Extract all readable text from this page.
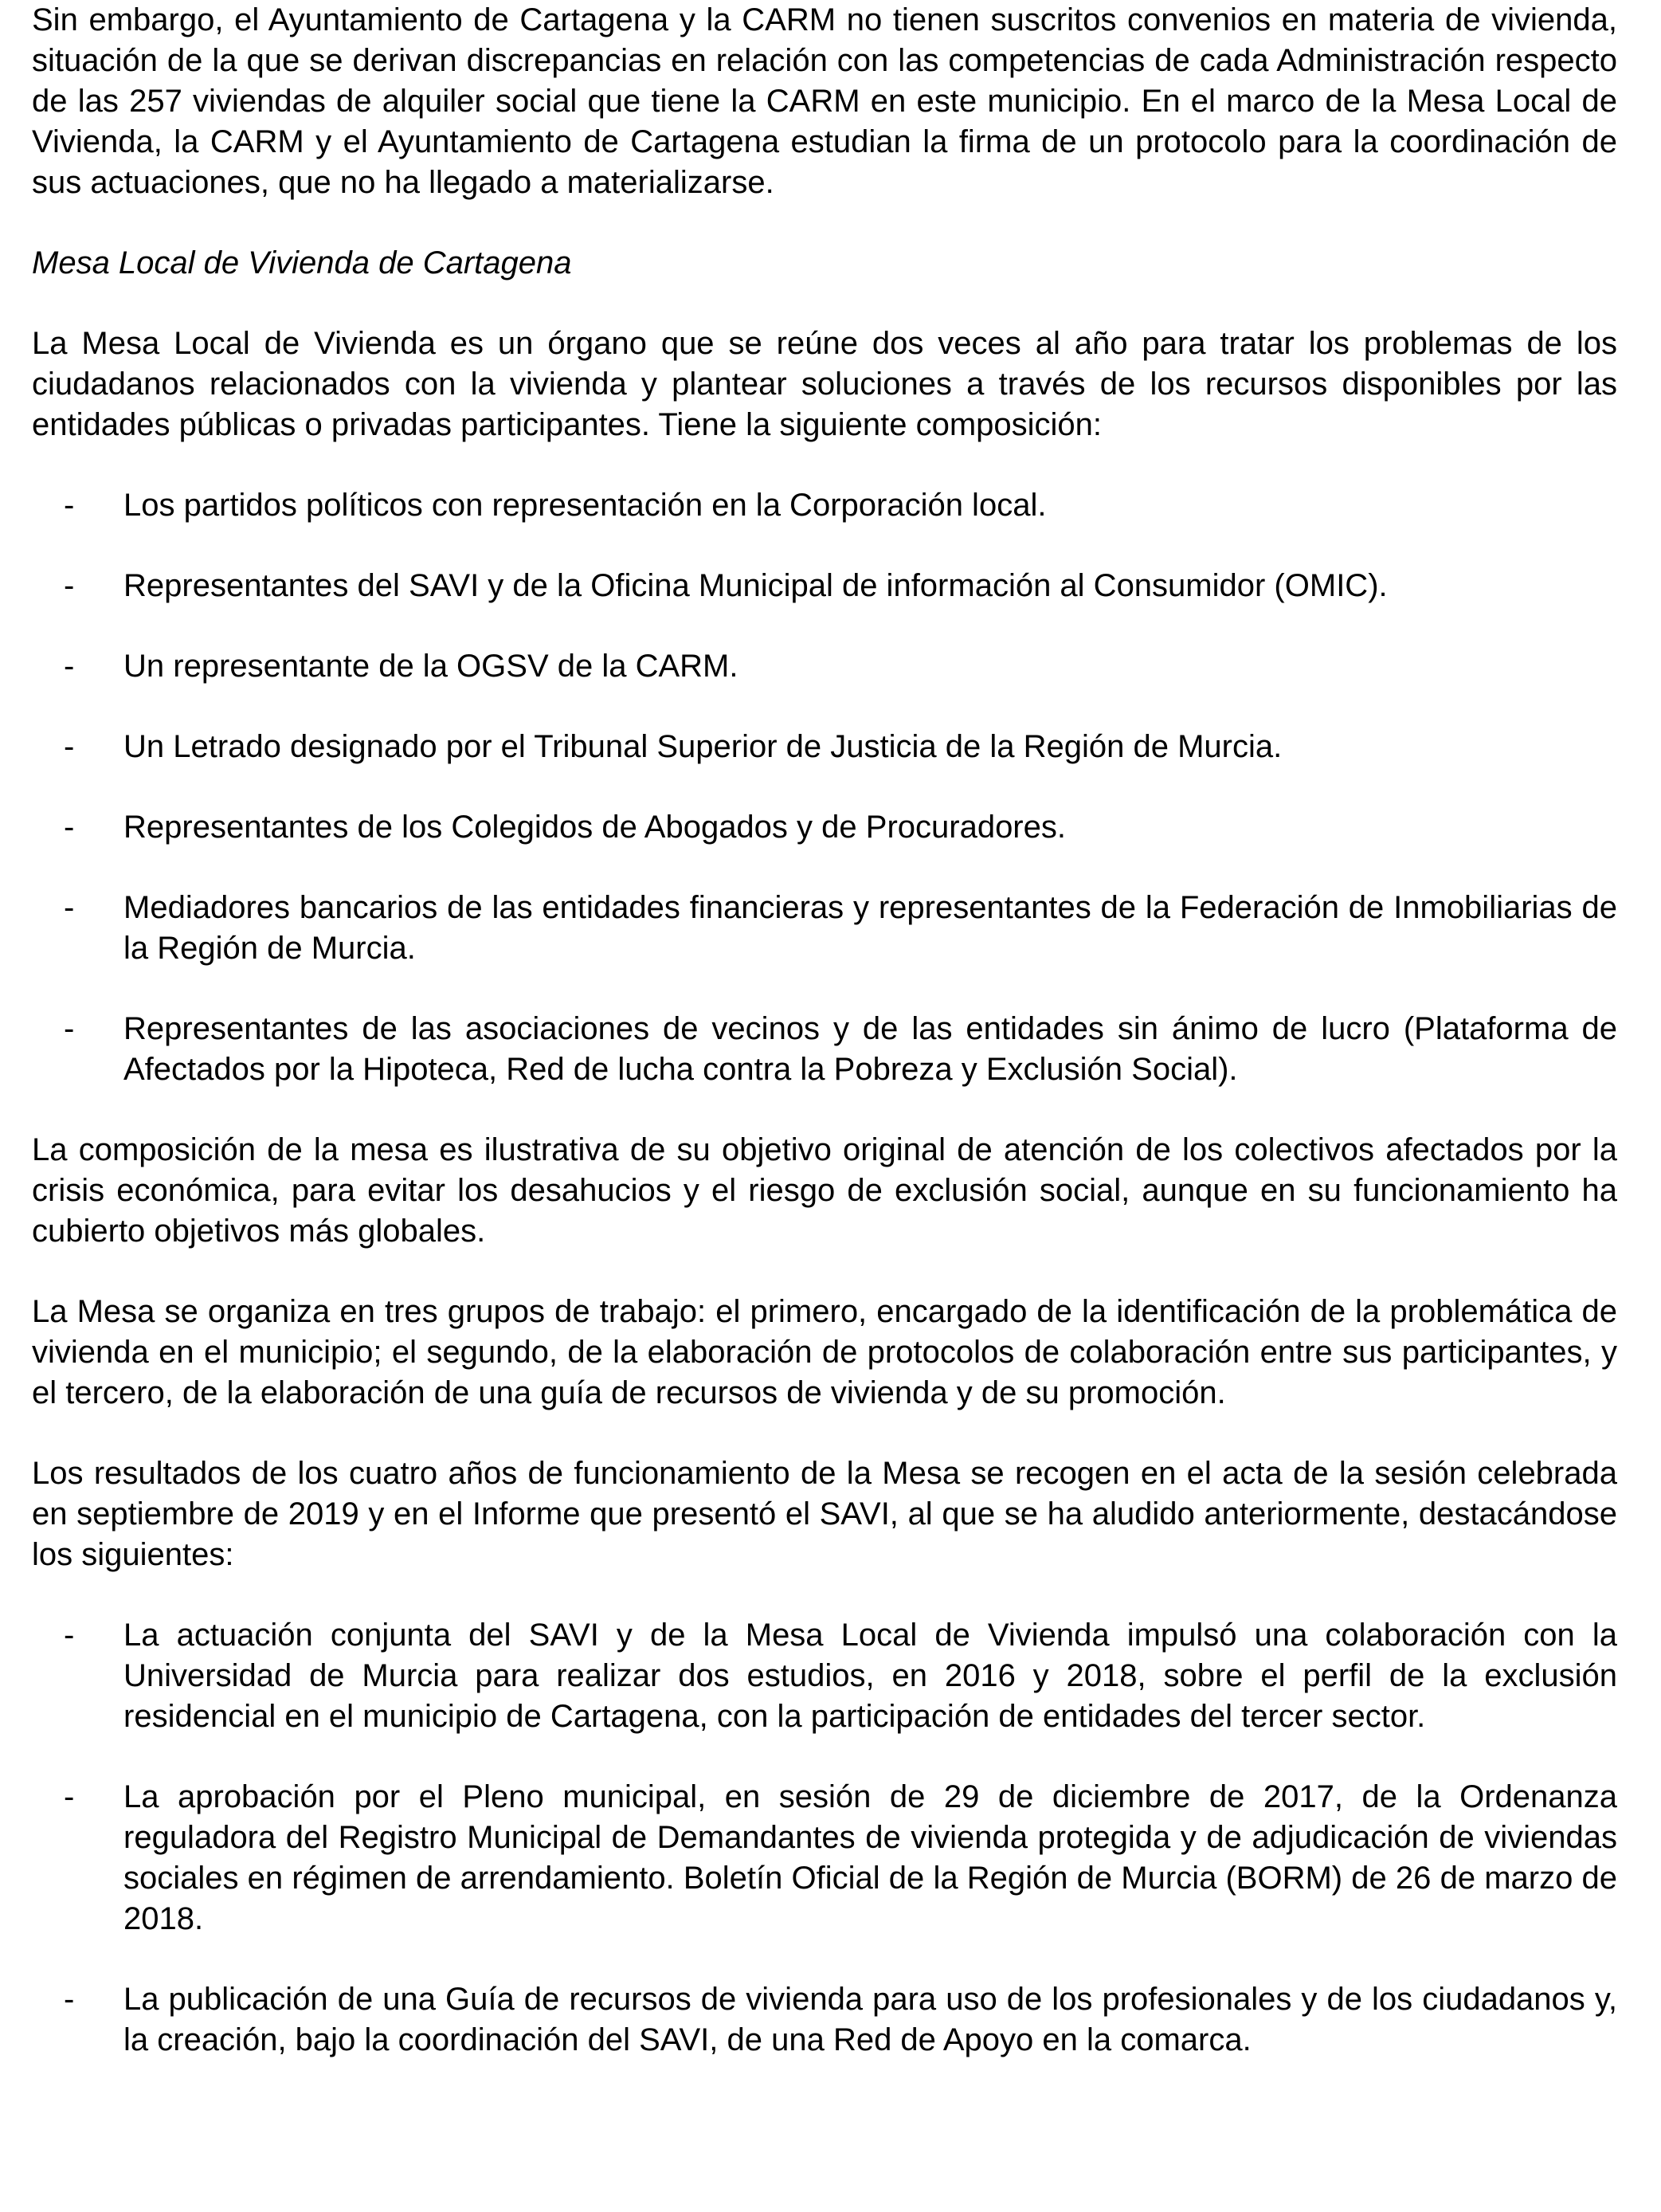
Sin embargo, el Ayuntamiento de Cartagena y la CARM no tienen suscritos convenios en materia de vivienda, situación de la que se derivan discrepancias en relación con las competencias de cada Administración respecto de las 257 viviendas de alquiler social que tiene la CARM en este municipio. En el marco de la Mesa Local de Vivienda, la CARM y el Ayuntamiento de Cartagena estudian la firma de un protocolo para la coordinación de sus actuaciones, que no ha llegado a materializarse.

Mesa Local de Vivienda de Cartagena

La Mesa Local de Vivienda es un órgano que se reúne dos veces al año para tratar los problemas de los ciudadanos relacionados con la vivienda y plantear soluciones a través de los recursos disponibles por las entidades públicas o privadas participantes. Tiene la siguiente composición:

- Los partidos políticos con representación en la Corporación local.
- Representantes del SAVI y de la Oficina Municipal de información al Consumidor (OMIC).
- Un representante de la OGSV de la CARM.
- Un Letrado designado por el Tribunal Superior de Justicia de la Región de Murcia.
- Representantes de los Colegidos de Abogados y de Procuradores.
- Mediadores bancarios de las entidades financieras y representantes de la Federación de Inmobiliarias de la Región de Murcia.
- Representantes de las asociaciones de vecinos y de las entidades sin ánimo de lucro (Plataforma de Afectados por la Hipoteca, Red de lucha contra la Pobreza y Exclusión Social).

La composición de la mesa es ilustrativa de su objetivo original de atención de los colectivos afectados por la crisis económica, para evitar los desahucios y el riesgo de exclusión social, aunque en su funcionamiento ha cubierto objetivos más globales.

La Mesa se organiza en tres grupos de trabajo: el primero, encargado de la identificación de la problemática de vivienda en el municipio; el segundo, de la elaboración de protocolos de colaboración entre sus participantes, y el tercero, de la elaboración de una guía de recursos de vivienda y de su promoción.

Los resultados de los cuatro años de funcionamiento de la Mesa se recogen en el acta de la sesión celebrada en septiembre de 2019 y en el Informe que presentó el SAVI, al que se ha aludido anteriormente, destacándose los siguientes:

- La actuación conjunta del SAVI y de la Mesa Local de Vivienda impulsó una colaboración con la Universidad de Murcia para realizar dos estudios, en 2016 y 2018, sobre el perfil de la exclusión residencial en el municipio de Cartagena, con la participación de entidades del tercer sector.
- La aprobación por el Pleno municipal, en sesión de 29 de diciembre de 2017, de la Ordenanza reguladora del Registro Municipal de Demandantes de vivienda protegida y de adjudicación de viviendas sociales en régimen de arrendamiento. Boletín Oficial de la Región de Murcia (BORM) de 26 de marzo de 2018.
- La publicación de una Guía de recursos de vivienda para uso de los profesionales y de los ciudadanos y, la creación, bajo la coordinación del SAVI, de una Red de Apoyo en la comarca.
